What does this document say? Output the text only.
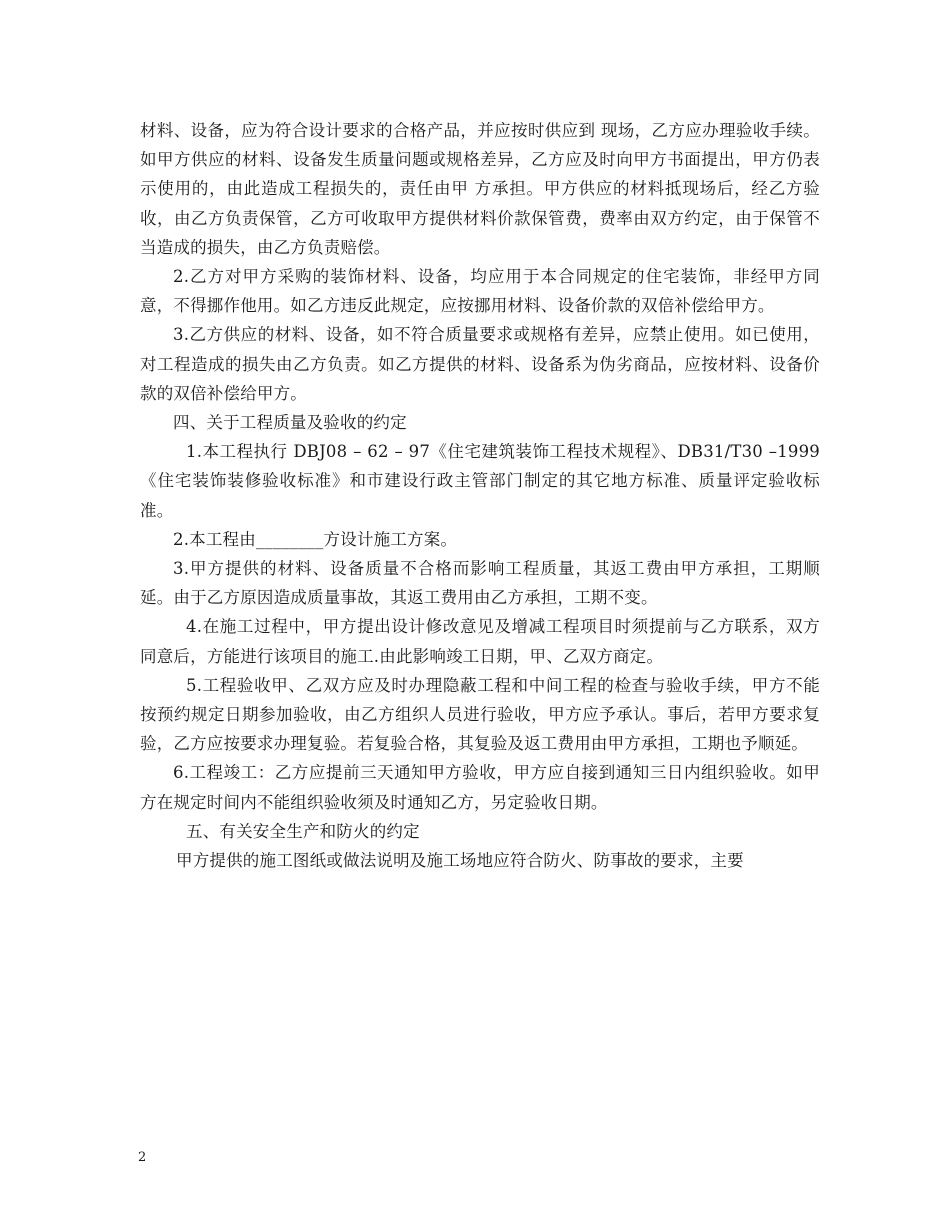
材料、设备，应为符合设计要求的合格产品，并应按时供应到 现场，乙方应办理验收手续。如甲方供应的材料、设备发生质量问题或规格差异，乙方应及时向甲方书面提出，甲方仍表示使用的，由此造成工程损失的，责任由甲 方承担。甲方供应的材料抵现场后，经乙方验收，由乙方负责保管，乙方可收取甲方提供材料价款保管费，费率由双方约定，由于保管不当造成的损失，由乙方负责赔偿。

2.乙方对甲方采购的装饰材料、设备，均应用于本合同规定的住宅装饰，非经甲方同意，不得挪作他用。如乙方违反此规定，应按挪用材料、设备价款的双倍补偿给甲方。

3.乙方供应的材料、设备，如不符合质量要求或规格有差异，应禁止使用。如已使用，对工程造成的损失由乙方负责。如乙方提供的材料、设备系为伪劣商品，应按材料、设备价款的双倍补偿给甲方。

四、关于工程质量及验收的约定

1.本工程执行 DBJ08 – 62 – 97《住宅建筑装饰工程技术规程》、DB31/T30 –1999《住宅装饰装修验收标准》和市建设行政主管部门制定的其它地方标准、质量评定验收标准。

2.本工程由________方设计施工方案。

3.甲方提供的材料、设备质量不合格而影响工程质量，其返工费由甲方承担，工期顺延。由于乙方原因造成质量事故，其返工费用由乙方承担，工期不变。

4.在施工过程中，甲方提出设计修改意见及增减工程项目时须提前与乙方联系，双方同意后，方能进行该项目的施工.由此影响竣工日期，甲、乙双方商定。

5.工程验收甲、乙双方应及时办理隐蔽工程和中间工程的检查与验收手续，甲方不能按预约规定日期参加验收，由乙方组织人员进行验收，甲方应予承认。事后，若甲方要求复验，乙方应按要求办理复验。若复验合格，其复验及返工费用由甲方承担，工期也予顺延。

6.工程竣工：乙方应提前三天通知甲方验收，甲方应自接到通知三日内组织验收。如甲方在规定时间内不能组织验收须及时通知乙方，另定验收日期。

五、有关安全生产和防火的约定

甲方提供的施工图纸或做法说明及施工场地应符合防火、防事故的要求，主要

2
